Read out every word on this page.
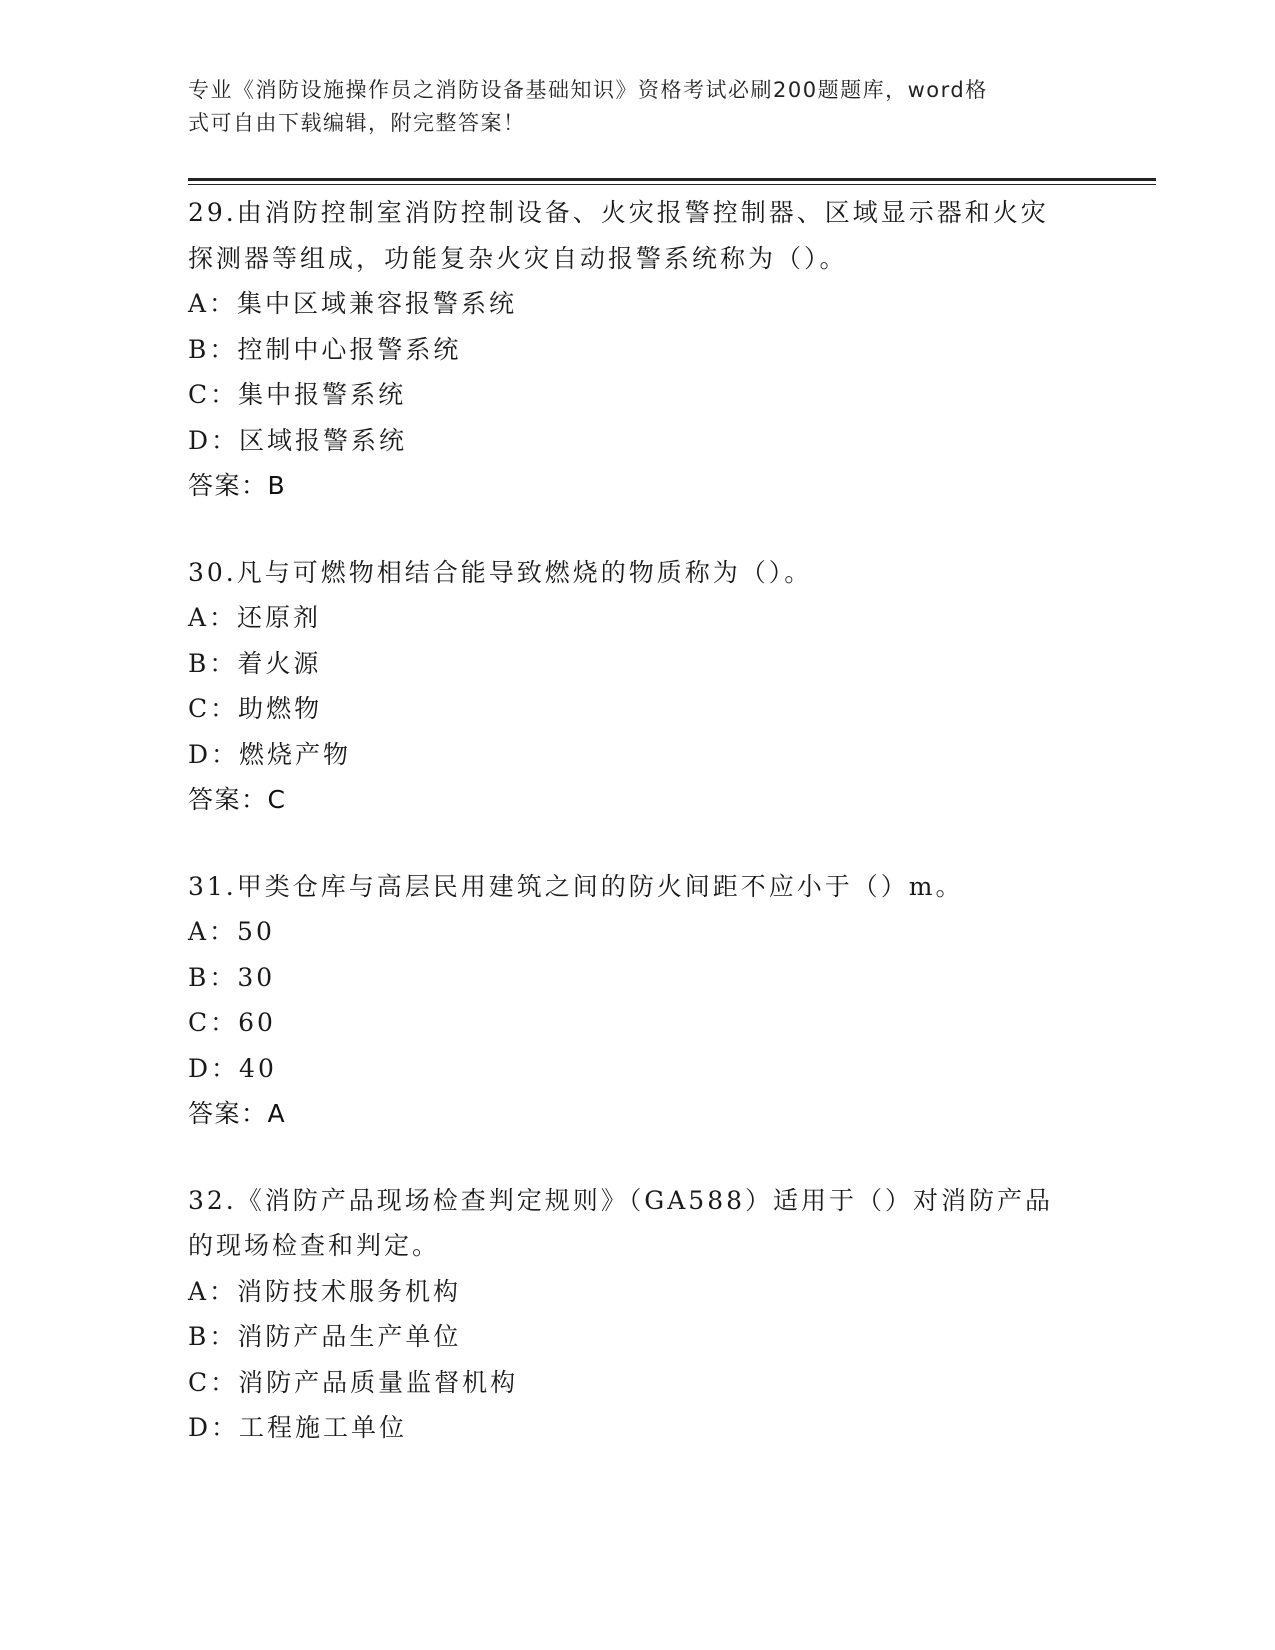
专业《消防设施操作员之消防设备基础知识》资格考试必刷200题题库，word格
式可自由下载编辑，附完整答案！

29.由消防控制室消防控制设备、火灾报警控制器、区域显示器和火灾

探测器等组成，功能复杂火灾自动报警系统称为（）。

A：集中区域兼容报警系统

B：控制中心报警系统

C：集中报警系统

D：区域报警系统

答案：B

30.凡与可燃物相结合能导致燃烧的物质称为（）。

A：还原剂

B：着火源

C：助燃物

D：燃烧产物

答案：C

31.甲类仓库与高层民用建筑之间的防火间距不应小于（）m。

A：50

B：30

C：60

D：40

答案：A

32.《消防产品现场检查判定规则》（GA588）适用于（）对消防产品

的现场检查和判定。

A：消防技术服务机构

B：消防产品生产单位

C：消防产品质量监督机构

D：工程施工单位
